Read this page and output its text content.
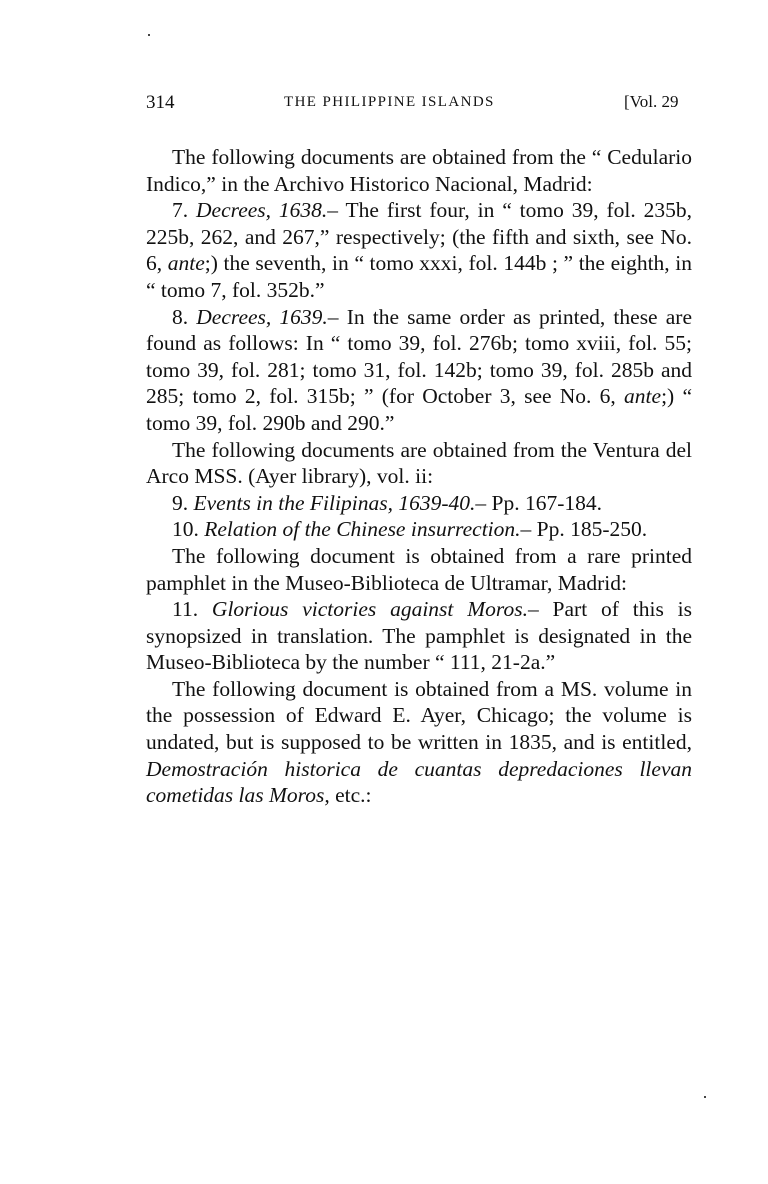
314	THE PHILIPPINE ISLANDS	[Vol. 29

The following documents are obtained from the “ Cedulario Indico,” in the Archivo Historico Nacional, Madrid:

7. Decrees, 1638.– The first four, in “ tomo 39, fol. 235b, 225b, 262, and 267,” respectively; (the fifth and sixth, see No. 6, ante;) the seventh, in “ tomo xxxi, fol. 144b ; ” the eighth, in “ tomo 7, fol. 352b.”

8. Decrees, 1639.– In the same order as printed, these are found as follows: In “ tomo 39, fol. 276b; tomo xviii, fol. 55; tomo 39, fol. 281; tomo 31, fol. 142b; tomo 39, fol. 285b and 285; tomo 2, fol. 315b; ” (for October 3, see No. 6, ante;) “ tomo 39, fol. 290b and 290.”

The following documents are obtained from the Ventura del Arco MSS. (Ayer library), vol. ii:

9. Events in the Filipinas, 1639-40.– Pp. 167-184.

10. Relation of the Chinese insurrection.– Pp. 185-250.

The following document is obtained from a rare printed pamphlet in the Museo-Biblioteca de Ultramar, Madrid:

11. Glorious victories against Moros.– Part of this is synopsized in translation. The pamphlet is designated in the Museo-Biblioteca by the number “ 111, 21-2a.”

The following document is obtained from a MS. volume in the possession of Edward E. Ayer, Chicago; the volume is undated, but is supposed to be written in 1835, and is entitled, Demostración historica de cuantas depredaciones llevan cometidas las Moros, etc.:
